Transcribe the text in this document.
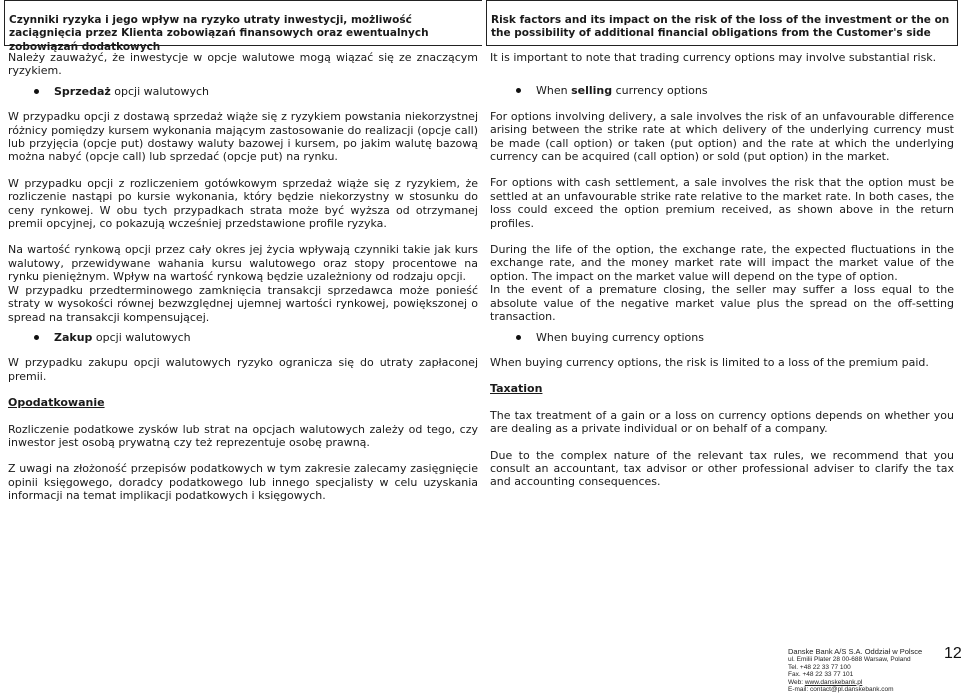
Czynniki ryzyka i jego wpływ na ryzyko utraty inwestycji, możliwość zaciągnięcia przez Klienta zobowiązań finansowych oraz ewentualnych zobowiązań dodatkowych

Należy zauważyć, że inwestycje w opcje walutowe mogą wiązać się ze znaczącym ryzykiem.

Sprzedaż opcji walutowych

W przypadku opcji z dostawą sprzedaż wiąże się z ryzykiem powstania niekorzystnej różnicy pomiędzy kursem wykonania mającym zastosowanie do realizacji (opcje call) lub przyjęcia (opcje put) dostawy waluty bazowej i kursem, po jakim walutę bazową można nabyć (opcje call) lub sprzedać (opcje put) na rynku.

W przypadku opcji z rozliczeniem gotówkowym sprzedaż wiąże się z ryzykiem, że rozliczenie nastąpi po kursie wykonania, który będzie niekorzystny w stosunku do ceny rynkowej. W obu tych przypadkach strata może być wyższa od otrzymanej premii opcyjnej, co pokazują wcześniej przedstawione profile ryzyka.

Na wartość rynkową opcji przez cały okres jej życia wpływają czynniki takie jak kurs walutowy, przewidywane wahania kursu walutowego oraz stopy procentowe na rynku pieniężnym. Wpływ na wartość rynkową będzie uzależniony od rodzaju opcji.

W przypadku przedterminowego zamknięcia transakcji sprzedawca może ponieść straty w wysokości równej bezwzględnej ujemnej wartości rynkowej, powiększonej o spread na transakcji kompensującej.

Zakup opcji walutowych

W przypadku zakupu opcji walutowych ryzyko ogranicza się do utraty zapłaconej premii.

Opodatkowanie

Rozliczenie podatkowe zysków lub strat na opcjach walutowych zależy od tego, czy inwestor jest osobą prywatną czy też reprezentuje osobę prawną.

Z uwagi na złożoność przepisów podatkowych w tym zakresie zalecamy zasięgnięcie opinii księgowego, doradcy podatkowego lub innego specjalisty w celu uzyskania informacji na temat implikacji podatkowych i księgowych.

Risk factors and its impact on the risk of the loss of the investment or the on the possibility of additional financial obligations from the Customer's side

It is important to note that trading currency options may involve substantial risk.

When selling currency options

For options involving delivery, a sale involves the risk of an unfavourable difference arising between the strike rate at which delivery of the underlying currency must be made (call option) or taken (put option) and the rate at which the underlying currency can be acquired (call option) or sold (put option) in the market.

For options with cash settlement, a sale involves the risk that the option must be settled at an unfavourable strike rate relative to the market rate. In both cases, the loss could exceed the option premium received, as shown above in the return profiles.

During the life of the option, the exchange rate, the expected fluctuations in the exchange rate, and the money market rate will impact the market value of the option. The impact on the market value will depend on the type of option.

In the event of a premature closing, the seller may suffer a loss equal to the absolute value of the negative market value plus the spread on the off-setting transaction.

When buying currency options

When buying currency options, the risk is limited to a loss of the premium paid.

Taxation

The tax treatment of a gain or a loss on currency options depends on whether you are dealing as a private individual or on behalf of a company.

Due to the complex nature of the relevant tax rules, we recommend that you consult an accountant, tax advisor or other professional adviser to clarify the tax and accounting consequences.

Danske Bank A/S S.A. Oddział w Polsce
ul. Emilii Plater 28 00-688 Warsaw, Poland
Tel. +48 22 33 77 100
Fax. +48 22 33 77 101
Web: www.danskebank.pl
E-mail: contact@pl.danskebank.com
12
